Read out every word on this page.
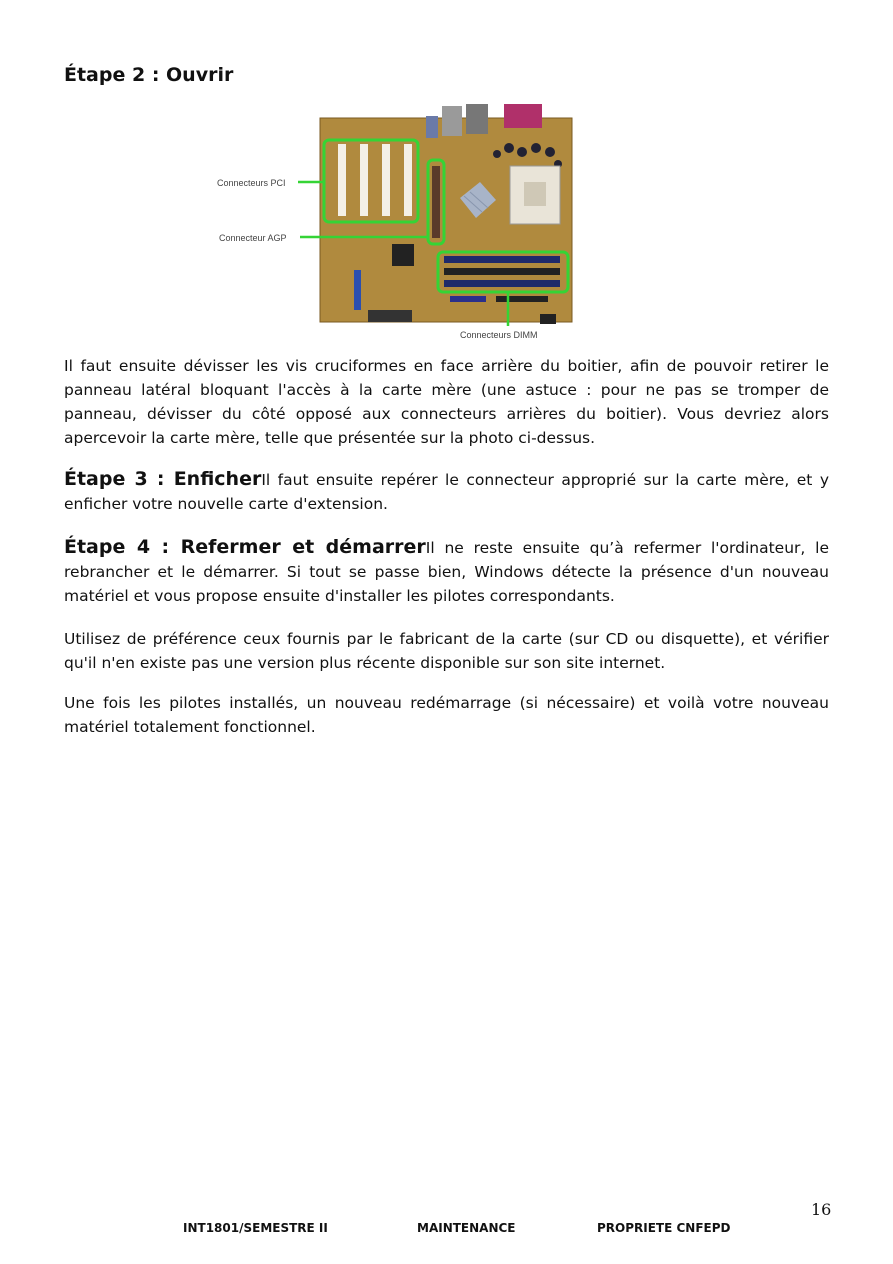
Étape 2 : Ouvrir
Connecteurs PCI
Connecteur AGP
Connecteurs DIMM

Il faut ensuite dévisser les vis cruciformes en face arrière du boitier, afin de pouvoir retirer le panneau latéral bloquant l'accès à la carte mère (une astuce : pour ne pas se tromper de panneau, dévisser du côté opposé aux connecteurs arrières du boitier). Vous devriez alors apercevoir la carte mère, telle que présentée sur la photo ci-dessus.

Étape 3 : EnficherIl faut ensuite repérer le connecteur approprié sur la carte mère, et y enficher votre nouvelle carte d'extension.

Étape 4 : Refermer et démarrerIl ne reste ensuite qu’à refermer l'ordinateur, le rebrancher et le démarrer. Si tout se passe bien, Windows détecte la présence d'un nouveau matériel et vous propose ensuite d'installer les pilotes correspondants.

Utilisez de préférence ceux fournis par le fabricant de la carte (sur CD ou disquette), et vérifier qu'il n'en existe pas une version plus récente disponible sur son site internet.

Une fois les pilotes installés, un nouveau redémarrage (si nécessaire) et voilà votre nouveau matériel totalement fonctionnel.

16
INT1801/SEMESTRE II	MAINTENANCE	PROPRIETE CNFEPD
